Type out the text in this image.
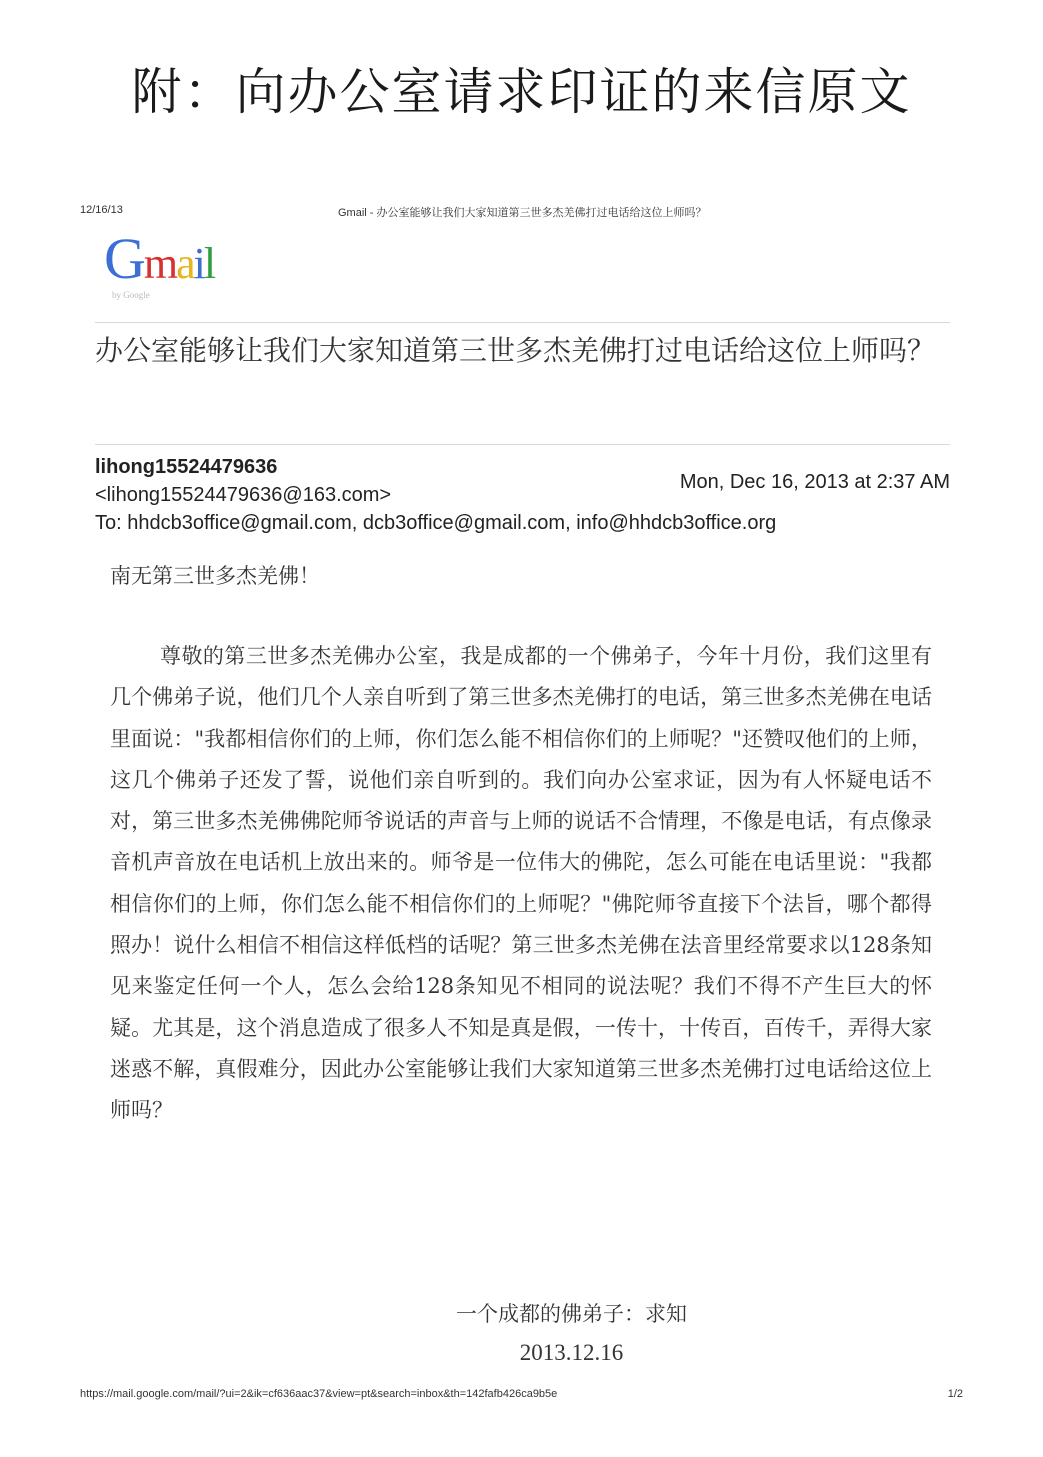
附：向办公室请求印证的来信原文
12/16/13	Gmail - 办公室能够让我们大家知道第三世多杰羌佛打过电话给这位上师吗？
Gmail
by Google
办公室能够让我们大家知道第三世多杰羌佛打过电话给这位上师吗？
lihong15524479636
<lihong15524479636@163.com>
Mon, Dec 16, 2013 at 2:37 AM
To: hhdcb3office@gmail.com, dcb3office@gmail.com, info@hhdcb3office.org
南无第三世多杰羌佛！
尊敬的第三世多杰羌佛办公室，我是成都的一个佛弟子，今年十月份，我们这里有几个佛弟子说，他们几个人亲自听到了第三世多杰羌佛打的电话，第三世多杰羌佛在电话里面说："我都相信你们的上师，你们怎么能不相信你们的上师呢？"还赞叹他们的上师，这几个佛弟子还发了誓，说他们亲自听到的。我们向办公室求证，因为有人怀疑电话不对，第三世多杰羌佛佛陀师爷说话的声音与上师的说话不合情理，不像是电话，有点像录音机声音放在电话机上放出来的。师爷是一位伟大的佛陀，怎么可能在电话里说："我都相信你们的上师，你们怎么能不相信你们的上师呢？"佛陀师爷直接下个法旨，哪个都得照办！说什么相信不相信这样低档的话呢？第三世多杰羌佛在法音里经常要求以128条知见来鉴定任何一个人，怎么会给128条知见不相同的说法呢？我们不得不产生巨大的怀疑。尤其是，这个消息造成了很多人不知是真是假，一传十，十传百，百传千，弄得大家迷惑不解，真假难分，因此办公室能够让我们大家知道第三世多杰羌佛打过电话给这位上师吗？
一个成都的佛弟子：求知
2013.12.16
https://mail.google.com/mail/?ui=2&ik=cf636aac37&view=pt&search=inbox&th=142fafb426ca9b5e	1/2
